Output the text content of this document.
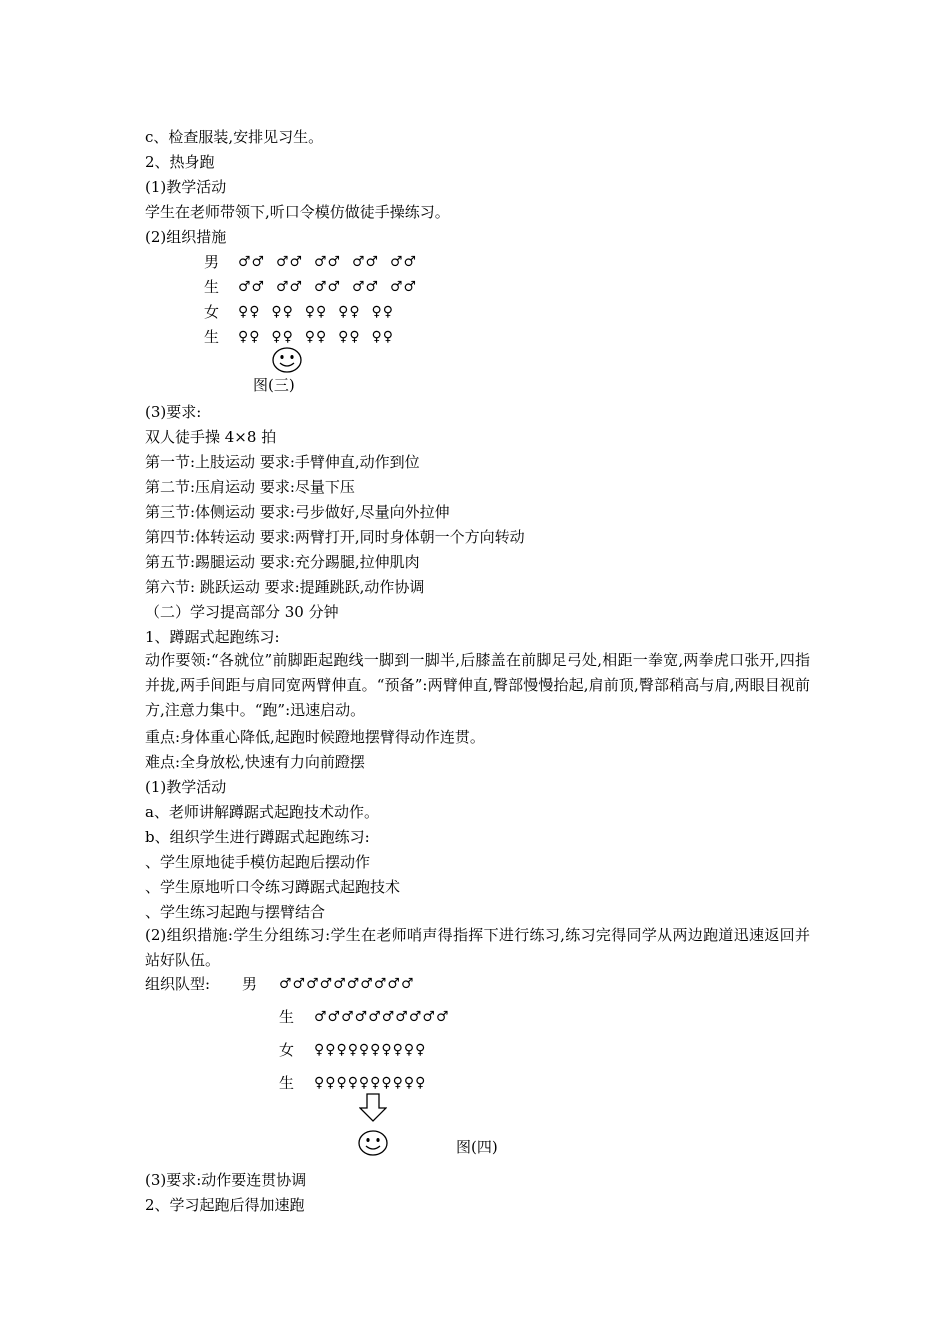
c、检查服装,安排见习生。
2、热身跑
(1)教学活动
学生在老师带领下,听口令模仿做徒手操练习。
(2)组织措施
男
生
女
生
♂♂  ♂♂  ♂♂  ♂♂  ♂♂
♂♂  ♂♂  ♂♂  ♂♂  ♂♂
♀♀  ♀♀  ♀♀  ♀♀  ♀♀
♀♀  ♀♀  ♀♀  ♀♀  ♀♀
图(三)
(3)要求:
双人徒手操 4×8 拍
第一节:上肢运动 要求:手臂伸直,动作到位
第二节:压肩运动 要求:尽量下压
第三节:体侧运动 要求:弓步做好,尽量向外拉伸
第四节:体转运动 要求:两臂打开,同时身体朝一个方向转动
第五节:踢腿运动 要求:充分踢腿,拉伸肌肉
第六节: 跳跃运动 要求:提踵跳跃,动作协调
（二）学习提高部分 30 分钟
1、蹲踞式起跑练习:
动作要领:“各就位”前脚距起跑线一脚到一脚半,后膝盖在前脚足弓处,相距一拳宽,两拳虎口张开,四指并拢,两手间距与肩同宽两臂伸直。“预备”:两臂伸直,臀部慢慢抬起,肩前顶,臀部稍高与肩,两眼目视前方,注意力集中。“跑”:迅速启动。
重点:身体重心降低,起跑时候蹬地摆臂得动作连贯。
难点:全身放松,快速有力向前蹬摆
(1)教学活动
a、老师讲解蹲踞式起跑技术动作。
b、组织学生进行蹲踞式起跑练习:
、学生原地徒手模仿起跑后摆动作
、学生原地听口令练习蹲踞式起跑技术
、学生练习起跑与摆臂结合
(2)组织措施:学生分组练习:学生在老师哨声得指挥下进行练习,练习完得同学从两边跑道迅速返回并站好队伍。
组织队型: 男
生
女
生
♂♂♂♂♂♂♂♂♂♂
♂♂♂♂♂♂♂♂♂♂
♀♀♀♀♀♀♀♀♀♀
♀♀♀♀♀♀♀♀♀♀
图(四)
(3)要求:动作要连贯协调
2、学习起跑后得加速跑
